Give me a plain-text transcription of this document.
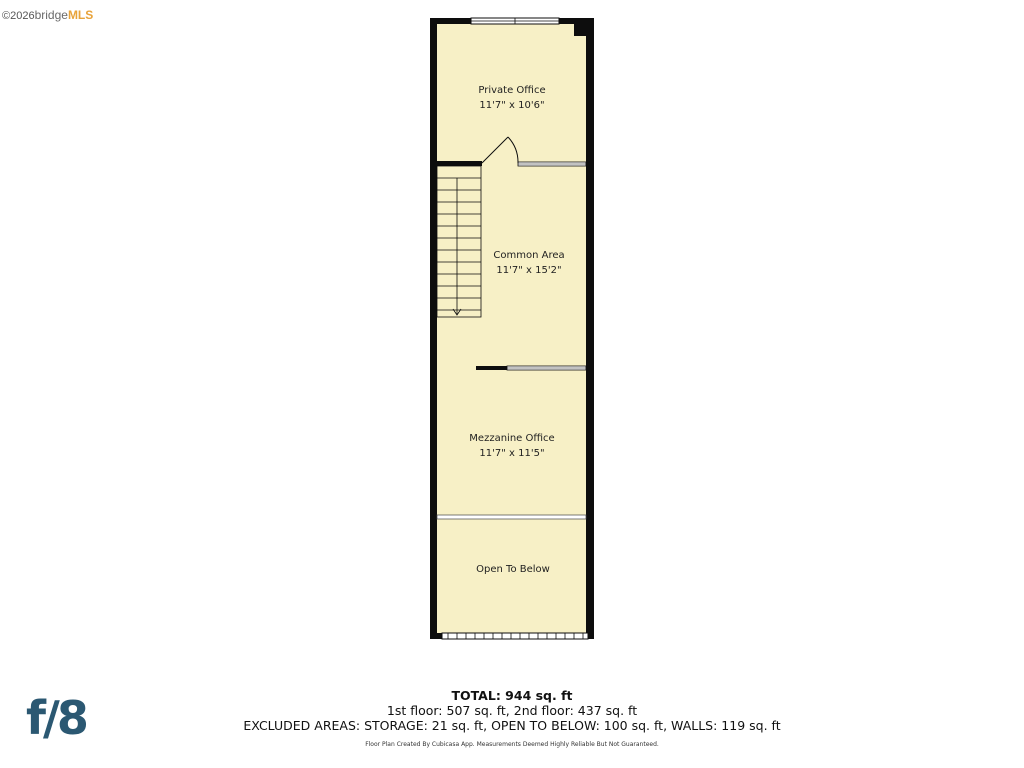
©2026bridgeMLS
Private Office
11'7" x 10'6"
Common Area
11'7" x 15'2"
Mezzanine Office
11'7" x 11'5"
Open To Below
f/8	TOTAL: 944 sq. ft
1st floor: 507 sq. ft, 2nd floor: 437 sq. ft
EXCLUDED AREAS: STORAGE: 21 sq. ft, OPEN TO BELOW: 100 sq. ft, WALLS: 119 sq. ft
Floor Plan Created By Cubicasa App. Measurements Deemed Highly Reliable But Not Guaranteed.
